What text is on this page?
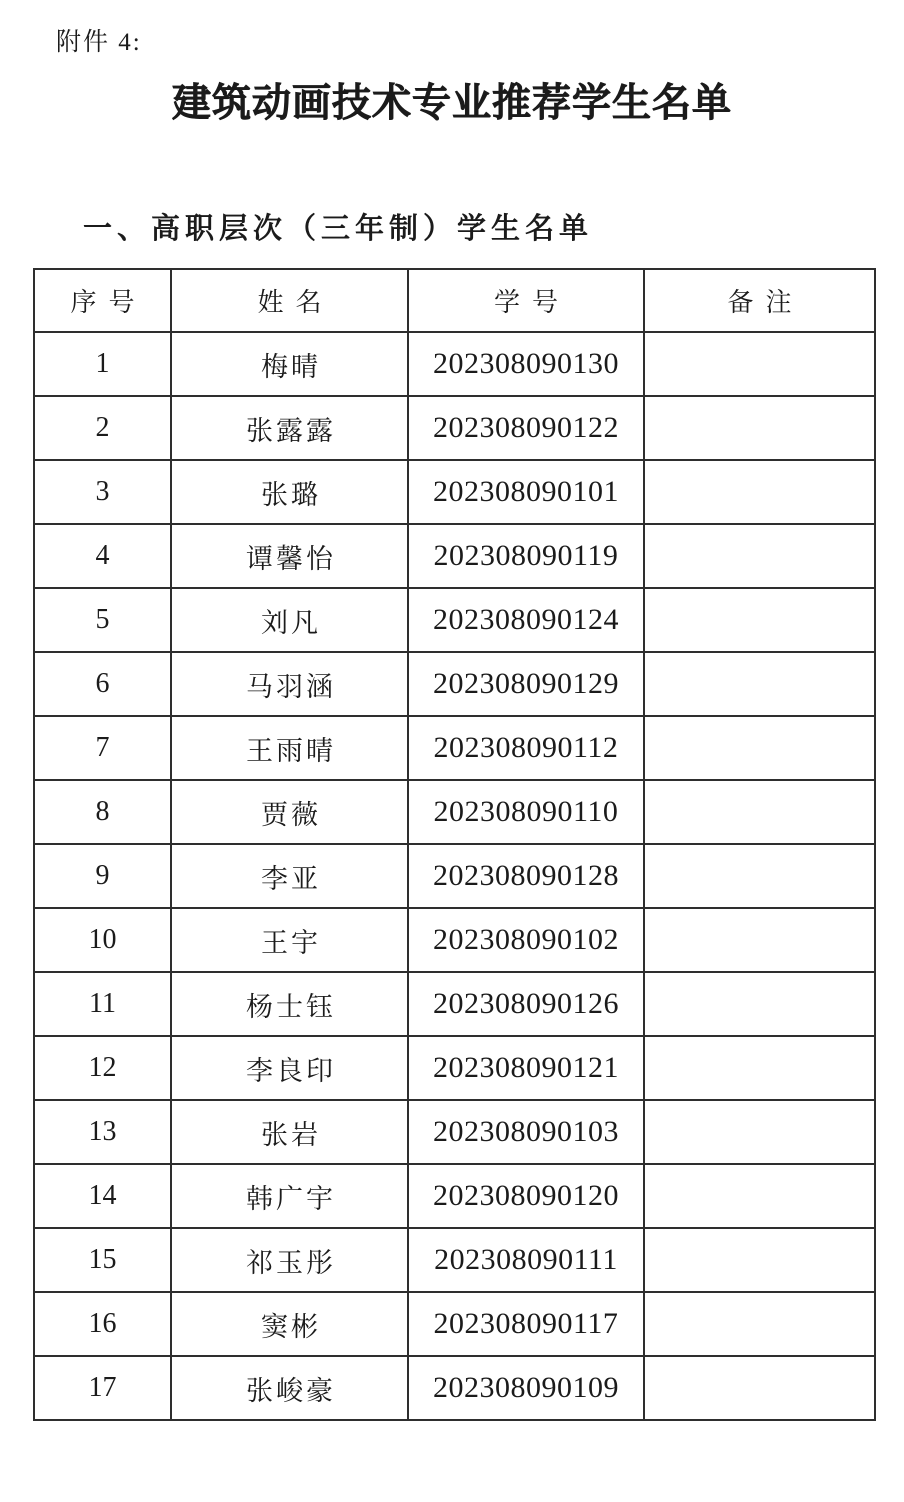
附件 4:
建筑动画技术专业推荐学生名单
一、高职层次（三年制）学生名单
序号	姓名	学号	备注
1	梅晴	202308090130	
2	张露露	202308090122	
3	张璐	202308090101	
4	谭馨怡	202308090119	
5	刘凡	202308090124	
6	马羽涵	202308090129	
7	王雨晴	202308090112	
8	贾薇	202308090110	
9	李亚	202308090128	
10	王宇	202308090102	
11	杨士钰	202308090126	
12	李良印	202308090121	
13	张岩	202308090103	
14	韩广宇	202308090120	
15	祁玉彤	202308090111	
16	窦彬	202308090117	
17	张峻豪	202308090109	
